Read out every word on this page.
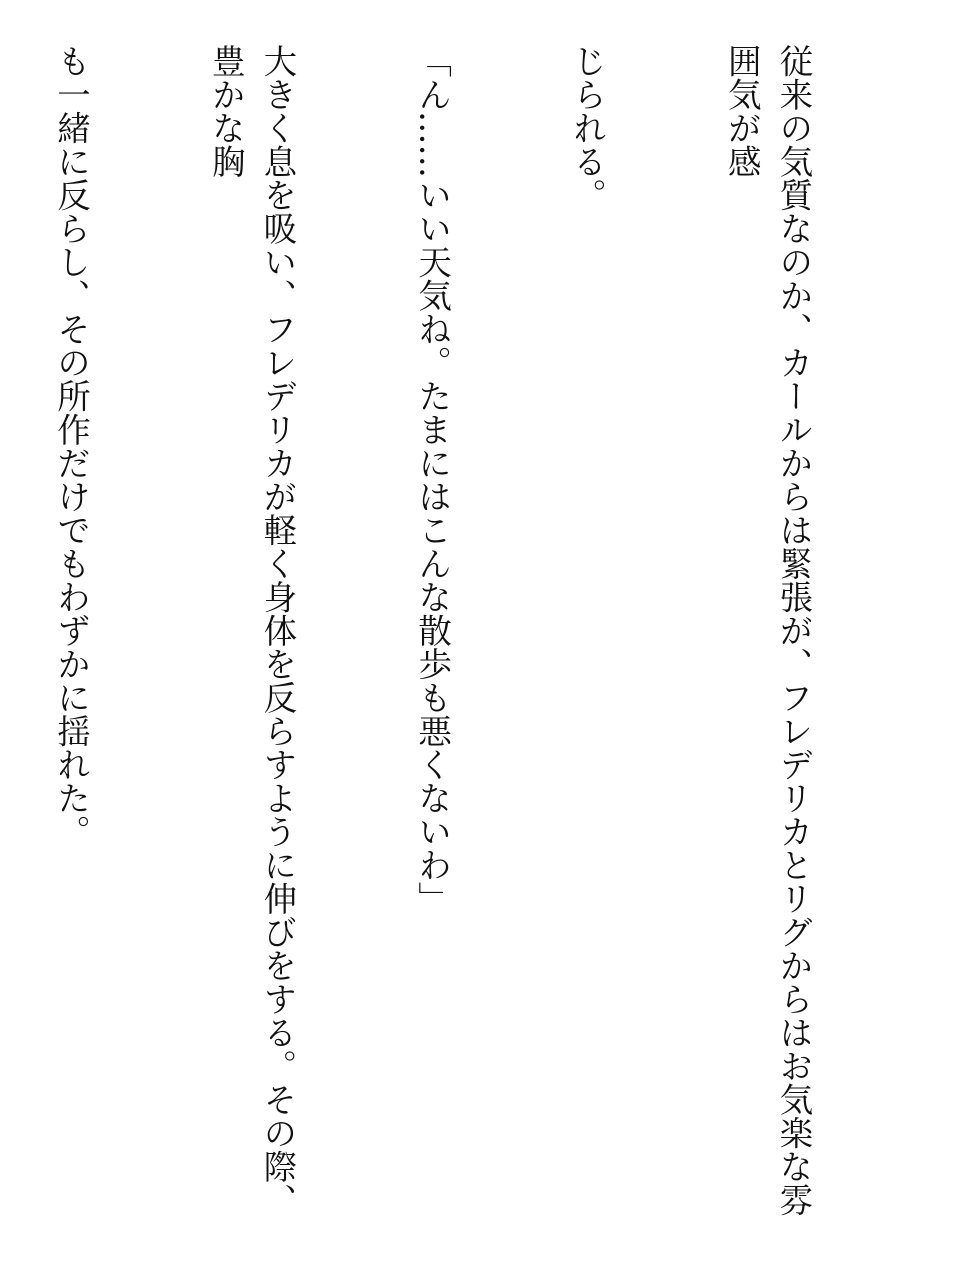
従来の気質なのか、カールからは緊張が、フレデリカとリグからはお気楽な雰囲気が感

じられる。

「ん……いい天気ね。たまにはこんな散歩も悪くないわ」

大きく息を吸い、フレデリカが軽く身体を反らすように伸びをする。その際、豊かな胸

も一緒に反らし、その所作だけでもわずかに揺れた。
